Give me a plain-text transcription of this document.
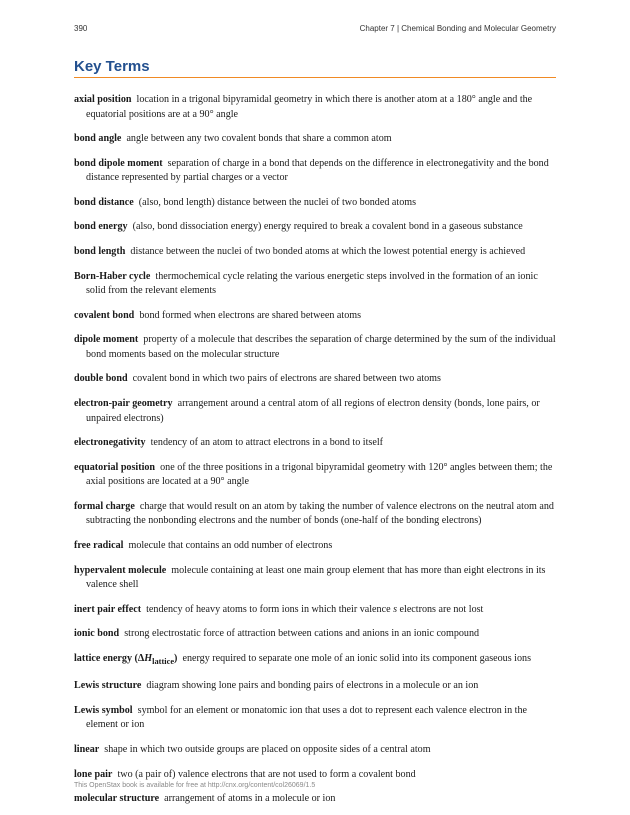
390	Chapter 7 | Chemical Bonding and Molecular Geometry
Key Terms

axial position location in a trigonal bipyramidal geometry in which there is another atom at a 180° angle and the equatorial positions are at a 90° angle

bond angle angle between any two covalent bonds that share a common atom

bond dipole moment separation of charge in a bond that depends on the difference in electronegativity and the bond distance represented by partial charges or a vector

bond distance (also, bond length) distance between the nuclei of two bonded atoms

bond energy (also, bond dissociation energy) energy required to break a covalent bond in a gaseous substance

bond length distance between the nuclei of two bonded atoms at which the lowest potential energy is achieved

Born-Haber cycle thermochemical cycle relating the various energetic steps involved in the formation of an ionic solid from the relevant elements

covalent bond bond formed when electrons are shared between atoms

dipole moment property of a molecule that describes the separation of charge determined by the sum of the individual bond moments based on the molecular structure

double bond covalent bond in which two pairs of electrons are shared between two atoms

electron-pair geometry arrangement around a central atom of all regions of electron density (bonds, lone pairs, or unpaired electrons)

electronegativity tendency of an atom to attract electrons in a bond to itself

equatorial position one of the three positions in a trigonal bipyramidal geometry with 120° angles between them; the axial positions are located at a 90° angle

formal charge charge that would result on an atom by taking the number of valence electrons on the neutral atom and subtracting the nonbonding electrons and the number of bonds (one-half of the bonding electrons)

free radical molecule that contains an odd number of electrons

hypervalent molecule molecule containing at least one main group element that has more than eight electrons in its valence shell

inert pair effect tendency of heavy atoms to form ions in which their valence s electrons are not lost

ionic bond strong electrostatic force of attraction between cations and anions in an ionic compound

lattice energy $(\Delta H_{lattice})$ energy required to separate one mole of an ionic solid into its component gaseous ions

Lewis structure diagram showing lone pairs and bonding pairs of electrons in a molecule or an ion

Lewis symbol symbol for an element or monatomic ion that uses a dot to represent each valence electron in the element or ion

linear shape in which two outside groups are placed on opposite sides of a central atom

lone pair two (a pair of) valence electrons that are not used to form a covalent bond

molecular structure arrangement of atoms in a molecule or ion

This OpenStax book is available for free at http://cnx.org/content/col26069/1.5
